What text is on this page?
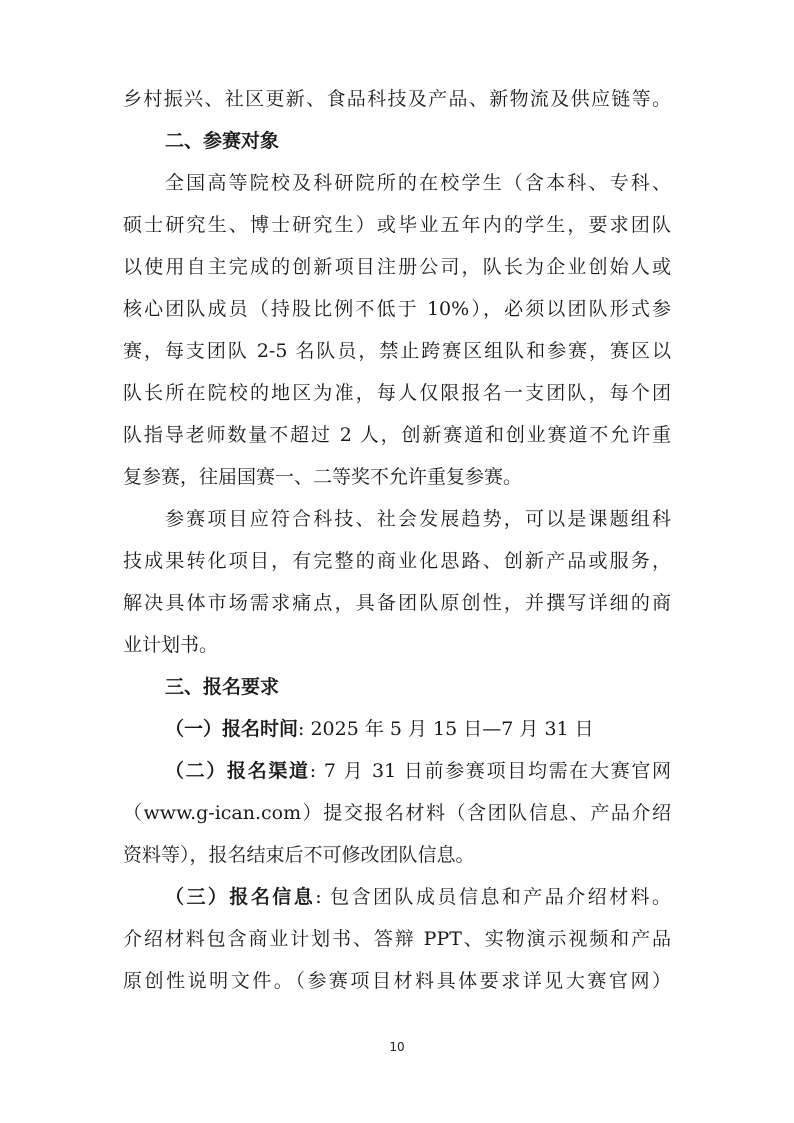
乡村振兴、社区更新、食品科技及产品、新物流及供应链等。
二、参赛对象
全国高等院校及科研院所的在校学生（含本科、专科、
硕士研究生、博士研究生）或毕业五年内的学生，要求团队
以使用自主完成的创新项目注册公司，队长为企业创始人或
核心团队成员（持股比例不低于 10%），必须以团队形式参
赛，每支团队 2-5 名队员，禁止跨赛区组队和参赛，赛区以
队长所在院校的地区为准，每人仅限报名一支团队，每个团
队指导老师数量不超过 2 人，创新赛道和创业赛道不允许重
复参赛，往届国赛一、二等奖不允许重复参赛。
参赛项目应符合科技、社会发展趋势，可以是课题组科
技成果转化项目，有完整的商业化思路、创新产品或服务，
解决具体市场需求痛点，具备团队原创性，并撰写详细的商
业计划书。
三、报名要求
（一）报名时间: 2025 年 5 月 15 日—7 月 31 日
（二）报名渠道: 7 月 31 日前参赛项目均需在大赛官网
（www.g-ican.com）提交报名材料（含团队信息、产品介绍
资料等），报名结束后不可修改团队信息。
（三）报名信息: 包含团队成员信息和产品介绍材料。
介绍材料包含商业计划书、答辩 PPT、实物演示视频和产品
原创性说明文件。（参赛项目材料具体要求详见大赛官网）
10
